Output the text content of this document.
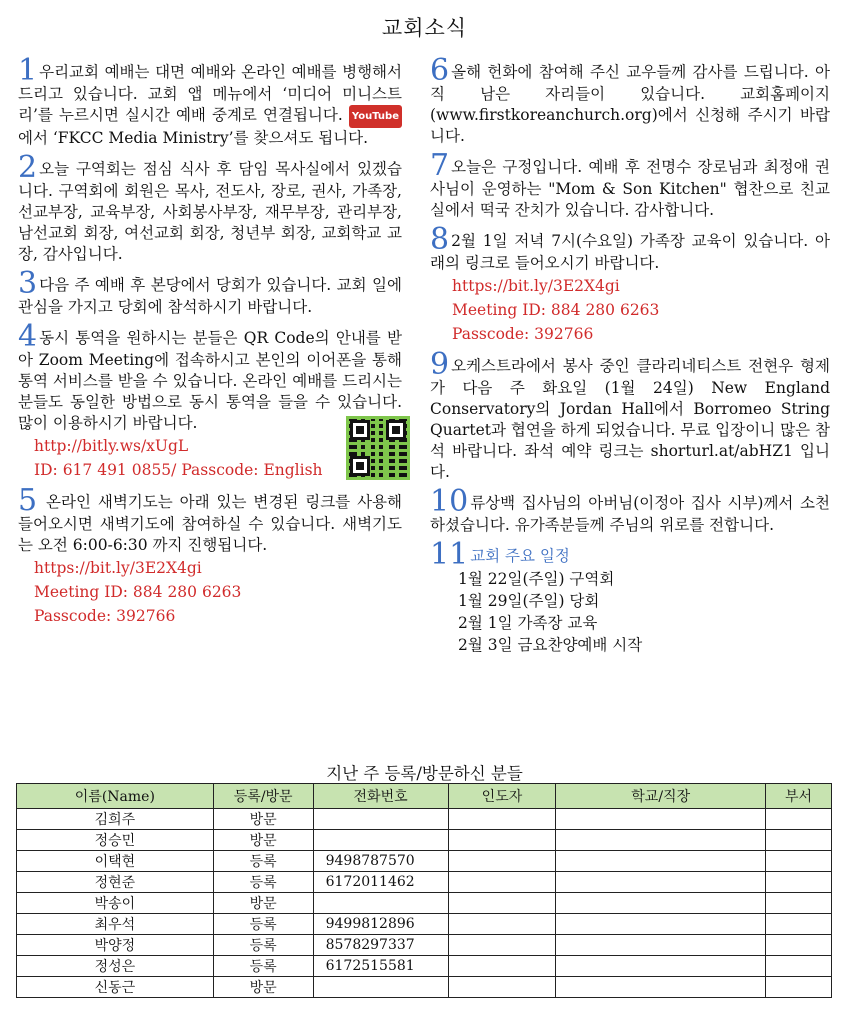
교회소식
1 우리교회 예배는 대면 예배와 온라인 예배를 병행해서 드리고 있습니다. 교회 앱 메뉴에서 ‘미디어 미니스트리’를 누르시면 실시간 예배 중계로 연결됩니다. YouTube 에서 ‘FKCC Media Ministry’를 찾으셔도 됩니다.
2 오늘 구역회는 점심 식사 후 담임 목사실에서 있겠습니다. 구역회에 회원은 목사, 전도사, 장로, 권사, 가족장, 선교부장, 교육부장, 사회봉사부장, 재무부장, 관리부장, 남선교회 회장, 여선교회 회장, 청년부 회장, 교회학교 교장, 감사입니다.
3 다음 주 예배 후 본당에서 당회가 있습니다. 교회 일에 관심을 가지고 당회에 참석하시기 바랍니다.
4 동시 통역을 원하시는 분들은 QR Code의 안내를 받아 Zoom Meeting에 접속하시고 본인의 이어폰을 통해 통역 서비스를 받을 수 있습니다. 온라인 예배를 드리시는 분들도 동일한 방법으로 동시 통역을 들을 수 있습니다. 많이 이용하시기 바랍니다.
http://bitly.ws/xUgL
ID: 617 491 0855/ Passcode: English
5 온라인 새벽기도는 아래 있는 변경된 링크를 사용해 들어오시면 새벽기도에 참여하실 수 있습니다. 새벽기도는 오전 6:00-6:30 까지 진행됩니다.
https://bit.ly/3E2X4gi
Meeting ID: 884 280 6263
Passcode: 392766
6 올해 헌화에 참여해 주신 교우들께 감사를 드립니다. 아직 남은 자리들이 있습니다. 교회홈페이지(www.firstkoreanchurch.org)에서 신청해 주시기 바랍니다.
7 오늘은 구정입니다. 예배 후 전명수 장로님과 최정애 권사님이 운영하는 "Mom & Son Kitchen" 협찬으로 친교실에서 떡국 잔치가 있습니다. 감사합니다.
8 2월 1일 저녁 7시(수요일) 가족장 교육이 있습니다. 아래의 링크로 들어오시기 바랍니다.
https://bit.ly/3E2X4gi
Meeting ID: 884 280 6263
Passcode: 392766
9 오케스트라에서 봉사 중인 클라리네티스트 전현우 형제가 다음 주 화요일 (1월 24일) New England Conservatory의 Jordan Hall에서 Borromeo String Quartet과 협연을 하게 되었습니다. 무료 입장이니 많은 참석 바랍니다. 좌석 예약 링크는 shorturl.at/abHZ1 입니다.
10 류상백 집사님의 아버님(이정아 집사 시부)께서 소천하셨습니다. 유가족분들께 주님의 위로를 전합니다.
11 교회 주요 일정
1월 22일(주일) 구역회
1월 29일(주일) 당회
2월 1일 가족장 교육
2월 3일 금요찬양예배 시작
지난 주 등록/방문하신 분들
이름(Name)	등록/방문	전화번호	인도자	학교/직장	부서
김희주	방문				
정승민	방문				
이택현	등록	9498787570			
정현준	등록	6172011462			
박송이	방문				
최우석	등록	9499812896			
박양정	등록	8578297337			
정성은	등록	6172515581			
신동근	방문				
